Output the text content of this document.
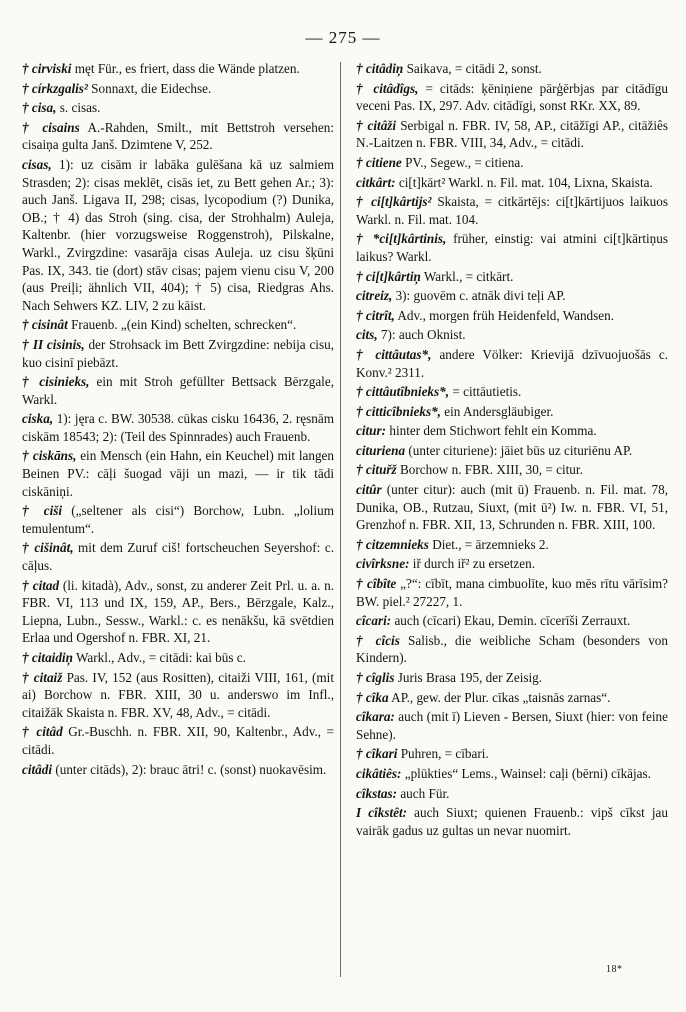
— 275 —

† cirviski męt Für., es friert, dass die Wände platzen.

† církzgalis² Sonnaxt, die Eidechse.

† cisa, s. cisas.

† cisains A.-Rahden, Smilt., mit Bettstroh versehen: cisaiņa gulta Janš. Dzimtene V, 252.

cisas, 1): uz cisām ir labāka gulēšana kā uz salmiem Strasden; 2): cisas meklēt, cisās iet, zu Bett gehen Ar.; 3): auch Janš. Ligava II, 298; cisas, lycopodium (?) Dunika, OB.; † 4) das Stroh (sing. cisa, der Strohhalm) Auleja, Kaltenbr. (hier vorzugsweise Roggenstroh), Pilskalne, Warkl., Zvirgzdine: vasarāja cisas Auleja. uz cisu šķūni Pas. IX, 343. tie (dort) stāv cisas; pajem vienu cisu V, 200 (aus Preiļi; ähnlich VII, 404); † 5) cisa, Riedgras Ahs. Nach Sehwers KZ. LIV, 2 zu kāist.

† cisinât Frauenb. „(ein Kind) schelten, schrecken“.

† II cisinis, der Strohsack im Bett Zvirgzdine: nebija cisu, kuo cisinī piebāzt.

† cisinieks, ein mit Stroh gefüllter Bettsack Bērzgale, Warkl.

ciska, 1): jęra c. BW. 30538. cūkas cisku 16436, 2. ręsnām ciskām 18543; 2): (Teil des Spinnrades) auch Frauenb.

† ciskāns, ein Mensch (ein Hahn, ein Keuchel) mit langen Beinen PV.: cāļi šuogad vāji un mazi, — ir tik tādi ciskāniņi.

† ciši („seltener als cisi“) Borchow, Lubn. „lolium temulentum“.

† cišinât, mit dem Zuruf ciš! fortscheuchen Seyershof: c. cāļus.

† citad (li. kitadà), Adv., sonst, zu anderer Zeit Prl. u. a. n. FBR. VI, 113 und IX, 159, AP., Bers., Bērzgale, Kalz., Liepna, Lubn., Sessw., Warkl.: c. es nenākšu, kā svētdien Erlaa und Ogershof n. FBR. XI, 21.

† citaidiņ Warkl., Adv., = citādi: kai būs c.

† citaiž Pas. IV, 152 (aus Rositten), citaiži VIII, 161, (mit ai) Borchow n. FBR. XIII, 30 u. anderswo im Infl., citaižāk Skaista n. FBR. XV, 48, Adv., = citādi.

† citâd Gr.-Buschh. n. FBR. XII, 90, Kaltenbr., Adv., = citādi.

citâdi (unter citāds), 2): brauc ātri! c. (sonst) nuokavēsim.

† citâdiņ Saikava, = citādi 2, sonst.

† citâdîgs, = citāds: ķēniņiene pārģērbjas par citādīgu veceni Pas. IX, 297. Adv. citādīgi, sonst RKr. XX, 89.

† citâži Serbigal n. FBR. IV, 58, AP., citāžīgi AP., citāžiês N.-Laitzen n. FBR. VIII, 34, Adv., = citādi.

† citiene PV., Segew., = citiena.

citkârt: ci[t]kārt² Warkl. n. Fil. mat. 104, Lixna, Skaista.

† ci[t]kârtijs² Skaista, = citkārtējs: ci[t]kārtijuos laikuos Warkl. n. Fil. mat. 104.

† *ci[t]kârtinis, früher, einstig: vai atmini ci[t]kārtiņus laikus? Warkl.

† ci[t]kârtiņ Warkl., = citkārt.

citreiz, 3): guovēm c. atnāk divi teļi AP.

† citrît, Adv., morgen früh Heidenfeld, Wandsen.

cits, 7): auch Oknist.

† cittâutas*, andere Völker: Krievijā dzīvuojuošās c. Konv.² 2311.

† cittâutîbnieks*, = cittāutietis.

† citticîbnieks*, ein Andersgläubiger.

citur: hinter dem Stichwort fehlt ein Komma.

cituriena (unter cituriene): jāiet būs uz cituriēnu AP.

† cituřž Borchow n. FBR. XIII, 30, = citur.

citûr (unter citur): auch (mit ū) Frauenb. n. Fil. mat. 78, Dunika, OB., Rutzau, Siuxt, (mit ū²) Iw. n. FBR. VI, 51, Grenzhof n. FBR. XII, 13, Schrunden n. FBR. XIII, 100.

† citzemnieks Diet., = ārzemnieks 2.

civîrksne: iř durch iř² zu ersetzen.

† cîbîte „?“: cībīt, mana cimbuolīte, kuo mēs rītu vārīsim? BW. piel.² 27227, 1.

cîcari: auch (cīcari) Ekau, Demin. cīcerīši Zerrauxt.

† cîcis Salisb., die weibliche Scham (besonders von Kindern).

† cîglis Juris Brasa 195, der Zeisig.

† cîka AP., gew. der Plur. cīkas „taisnās zarnas“.

cîkara: auch (mit ī) Lieven - Bersen, Siuxt (hier: von feine Sehne).

† cîkari Puhren, = cībari.

cikâtiês: „plūkties“ Lems., Wainsel: caļi (bērni) cīkājas.

cîkstas: auch Für.

I cîkstêt: auch Siuxt; quienen Frauenb.: vipš cīkst jau vairāk gadus uz gultas un nevar nuomirt.

18*
